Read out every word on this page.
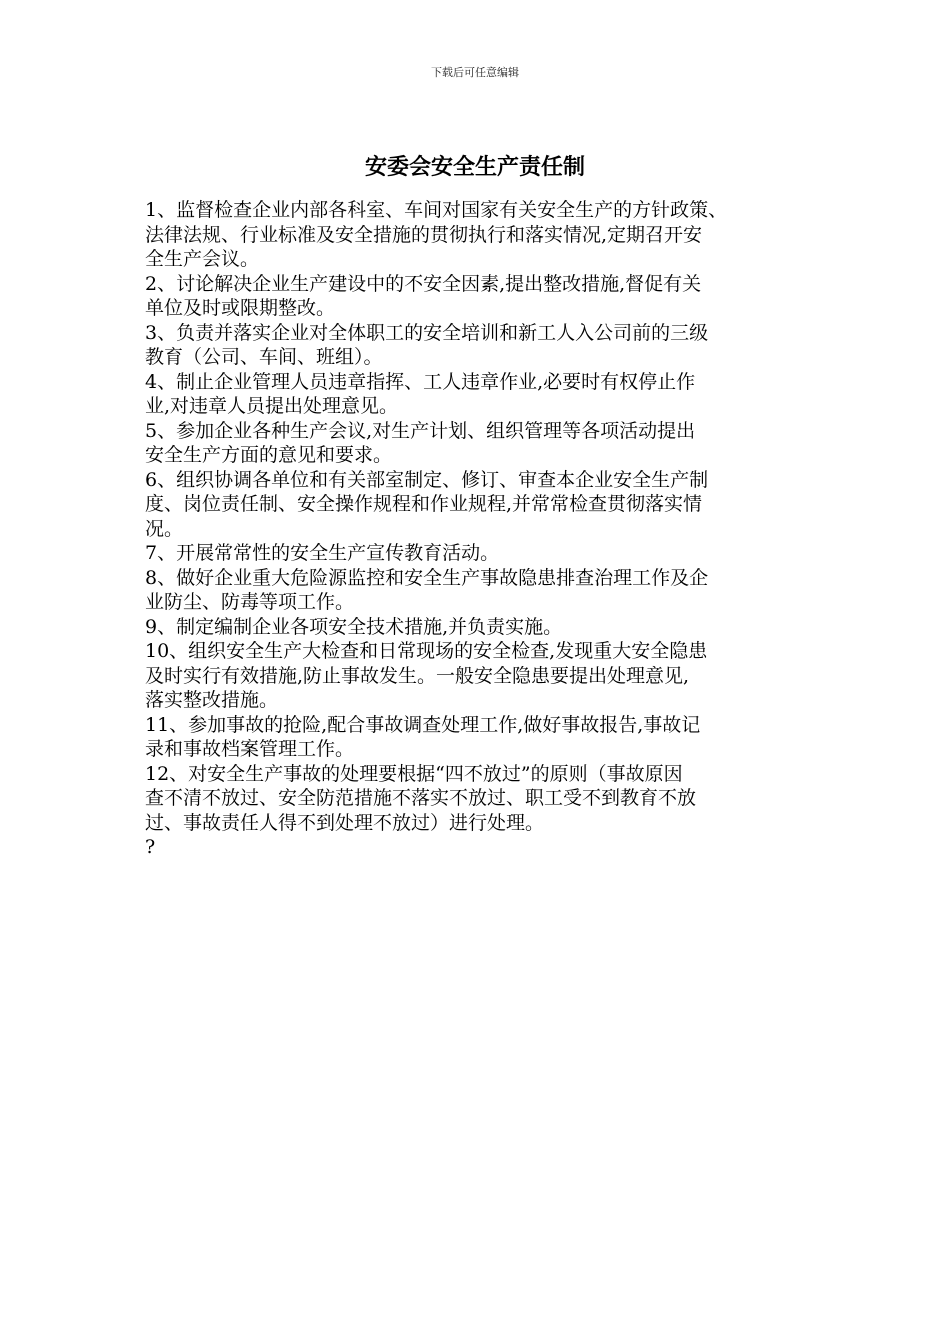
下载后可任意编辑
安委会安全生产责任制

1、监督检查企业内部各科室、车间对国家有关安全生产的方针政策、
法律法规、行业标准及安全措施的贯彻执行和落实情况,定期召开安
全生产会议。

2、讨论解决企业生产建设中的不安全因素,提出整改措施,督促有关
单位及时或限期整改。

3、负责并落实企业对全体职工的安全培训和新工人入公司前的三级
教育（公司、车间、班组）。

4、制止企业管理人员违章指挥、工人违章作业,必要时有权停止作
业,对违章人员提出处理意见。

5、参加企业各种生产会议,对生产计划、组织管理等各项活动提出
安全生产方面的意见和要求。

6、组织协调各单位和有关部室制定、修订、审查本企业安全生产制
度、岗位责任制、安全操作规程和作业规程,并常常检查贯彻落实情
况。

7、开展常常性的安全生产宣传教育活动。

8、做好企业重大危险源监控和安全生产事故隐患排查治理工作及企
业防尘、防毒等项工作。

9、制定编制企业各项安全技术措施,并负责实施。

10、组织安全生产大检查和日常现场的安全检查,发现重大安全隐患
及时实行有效措施,防止事故发生。一般安全隐患要提出处理意见,
落实整改措施。

11、参加事故的抢险,配合事故调查处理工作,做好事故报告,事故记
录和事故档案管理工作。

12、对安全生产事故的处理要根据“四不放过”的原则（事故原因
查不清不放过、安全防范措施不落实不放过、职工受不到教育不放
过、事故责任人得不到处理不放过）进行处理。

?
